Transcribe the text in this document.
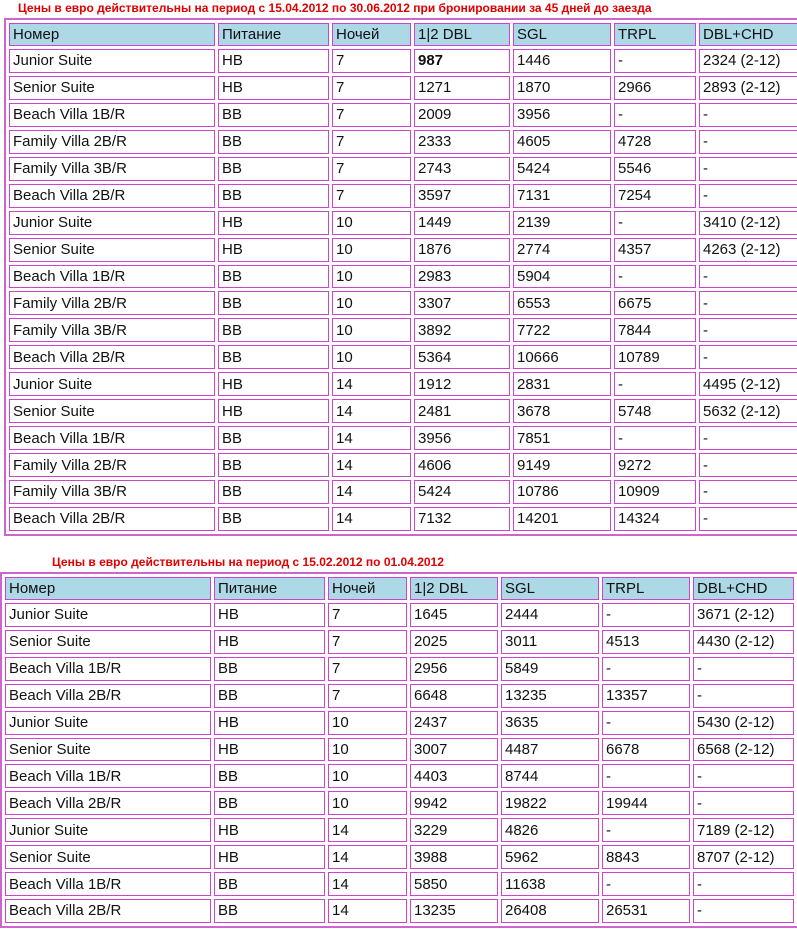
Цены в евро действительны на период с 15.04.2012 по 30.06.2012 при бронировании за 45 дней до заезда
Номер	Питание	Ночей	1|2 DBL	SGL	TRPL	DBL+CHD
Junior Suite	HB	7	987	1446	-	2324 (2-12)
Senior Suite	HB	7	1271	1870	2966	2893 (2-12)
Beach Villa 1B/R	BB	7	2009	3956	-	-
Family Villa 2B/R	BB	7	2333	4605	4728	-
Family Villa 3B/R	BB	7	2743	5424	5546	-
Beach Villa 2B/R	BB	7	3597	7131	7254	-
Junior Suite	HB	10	1449	2139	-	3410 (2-12)
Senior Suite	HB	10	1876	2774	4357	4263 (2-12)
Beach Villa 1B/R	BB	10	2983	5904	-	-
Family Villa 2B/R	BB	10	3307	6553	6675	-
Family Villa 3B/R	BB	10	3892	7722	7844	-
Beach Villa 2B/R	BB	10	5364	10666	10789	-
Junior Suite	HB	14	1912	2831	-	4495 (2-12)
Senior Suite	HB	14	2481	3678	5748	5632 (2-12)
Beach Villa 1B/R	BB	14	3956	7851	-	-
Family Villa 2B/R	BB	14	4606	9149	9272	-
Family Villa 3B/R	BB	14	5424	10786	10909	-
Beach Villa 2B/R	BB	14	7132	14201	14324	-
Цены в евро действительны на период с 15.02.2012 по 01.04.2012
Номер	Питание	Ночей	1|2 DBL	SGL	TRPL	DBL+CHD
Junior Suite	HB	7	1645	2444	-	3671 (2-12)
Senior Suite	HB	7	2025	3011	4513	4430 (2-12)
Beach Villa 1B/R	BB	7	2956	5849	-	-
Beach Villa 2B/R	BB	7	6648	13235	13357	-
Junior Suite	HB	10	2437	3635	-	5430 (2-12)
Senior Suite	HB	10	3007	4487	6678	6568 (2-12)
Beach Villa 1B/R	BB	10	4403	8744	-	-
Beach Villa 2B/R	BB	10	9942	19822	19944	-
Junior Suite	HB	14	3229	4826	-	7189 (2-12)
Senior Suite	HB	14	3988	5962	8843	8707 (2-12)
Beach Villa 1B/R	BB	14	5850	11638	-	-
Beach Villa 2B/R	BB	14	13235	26408	26531	-
